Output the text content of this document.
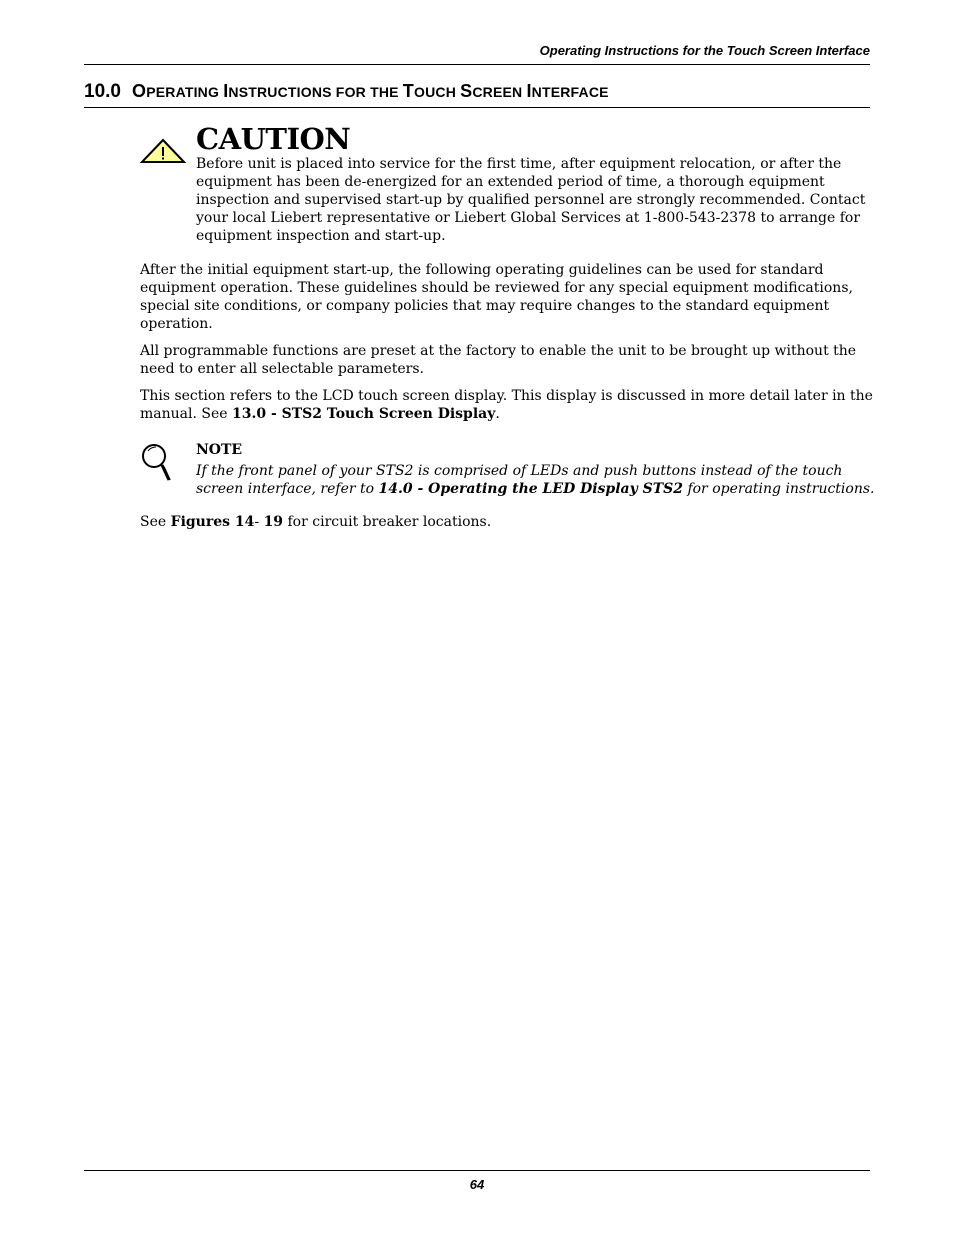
Operating Instructions for the Touch Screen Interface
10.0 OPERATING INSTRUCTIONS FOR THE TOUCH SCREEN INTERFACE
CAUTION
Before unit is placed into service for the first time, after equipment relocation, or after the equipment has been de-energized for an extended period of time, a thorough equipment inspection and supervised start-up by qualified personnel are strongly recommended. Contact your local Liebert representative or Liebert Global Services at 1-800-543-2378 to arrange for equipment inspection and start-up.
After the initial equipment start-up, the following operating guidelines can be used for standard equipment operation. These guidelines should be reviewed for any special equipment modifications, special site conditions, or company policies that may require changes to the standard equipment operation.
All programmable functions are preset at the factory to enable the unit to be brought up without the need to enter all selectable parameters.
This section refers to the LCD touch screen display. This display is discussed in more detail later in the manual. See 13.0 - STS2 Touch Screen Display.
NOTE
If the front panel of your STS2 is comprised of LEDs and push buttons instead of the touch screen interface, refer to 14.0 - Operating the LED Display STS2 for operating instructions.
See Figures 14- 19 for circuit breaker locations.
64
